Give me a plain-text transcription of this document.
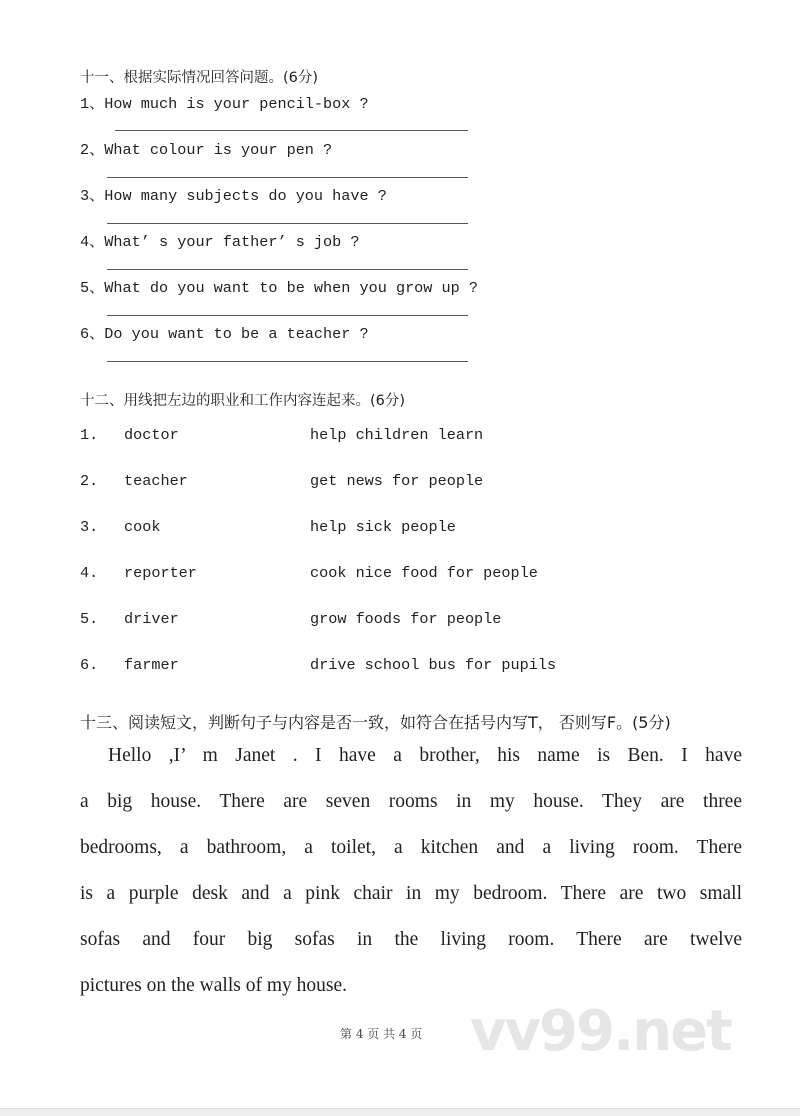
十一、根据实际情况回答问题。(6分)
1、How much is your pencil-box ?
2、What colour is your pen ?
3、How many subjects do you have ?
4、What’ s your father’ s job ?
5、What do you want to be when you grow up ?
6、Do you want to be a teacher ?
十二、用线把左边的职业和工作内容连起来。(6分)
1. doctor	help children learn
2. teacher	get news for people
3. cook	help sick people
4. reporter	cook nice food for people
5. driver	grow foods for people
6. farmer	drive school bus for pupils
十三、阅读短文，判断句子与内容是否一致，如符合在括号内写T， 否则写F。(5分)
Hello ,I’ m Janet . I have a brother, his name is Ben. I have
a big house. There are seven rooms in my house. They are three
bedrooms, a bathroom, a toilet, a kitchen and a living room. There
is a purple desk and a pink chair in my bedroom. There are two small
sofas and four big sofas in the living room. There are twelve
pictures on the walls of my house.
vv99.net
第 4 页 共 4 页
